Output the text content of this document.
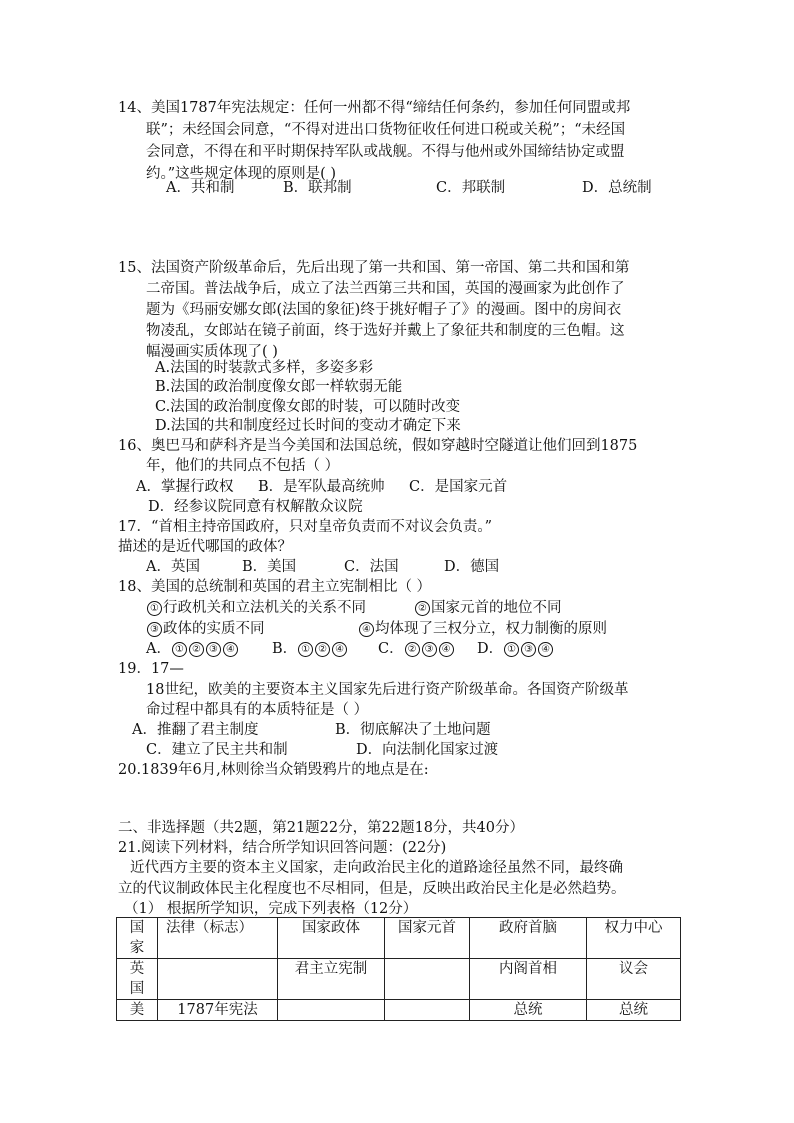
14、美国1787年宪法规定：任何一州都不得“缔结任何条约，参加任何同盟或邦
联”；未经国会同意，“不得对进出口货物征收任何进口税或关税”；“未经国
会同意，不得在和平时期保持军队或战舰。不得与他州或外国缔结协定或盟
约。”这些规定体现的原则是( )
A．共和制	B．联邦制	C．邦联制	D．总统制
15、法国资产阶级革命后，先后出现了第一共和国、第一帝国、第二共和国和第
二帝国。普法战争后，成立了法兰西第三共和国，英国的漫画家为此创作了
题为《玛丽安娜女郎(法国的象征)终于挑好帽子了》的漫画。图中的房间衣
物凌乱，女郎站在镜子前面，终于选好并戴上了象征共和制度的三色帽。这
幅漫画实质体现了( )
A.法国的时装款式多样，多姿多彩
B.法国的政治制度像女郎一样软弱无能
C.法国的政治制度像女郎的时装，可以随时改变
D.法国的共和制度经过长时间的变动才确定下来
16、奥巴马和萨科齐是当今美国和法国总统，假如穿越时空隧道让他们回到1875
年，他们的共同点不包括（ ）
A．掌握行政权 B．是军队最高统帅 C．是国家元首
D．经参议院同意有权解散众议院
17．“首相主持帝国政府，只对皇帝负责而不对议会负责。”
描述的是近代哪国的政体？
A．英国	B．美国	C．法国	D．德国
18、美国的总统制和英国的君主立宪制相比（ ）
① 行政机关和立法机关的关系不同	② 国家元首的地位不同
③ 政体的实质不同	④ 均体现了三权分立，权力制衡的原则
A． ① ② ③ ④	B． ① ② ④ C． ② ③ ④ D． ① ③ ④
19．17—
18世纪，欧美的主要资本主义国家先后进行资产阶级革命。各国资产阶级革
命过程中都具有的本质特征是（ ）
A．推翻了君主制度	B．彻底解决了土地问题
C．建立了民主共和制	D．向法制化国家过渡
20.1839年6月,林则徐当众销毁鸦片的地点是在:
二、非选择题（共2题，第21题22分，第22题18分，共40分）
21.阅读下列材料，结合所学知识回答问题：(22分)
近代西方主要的资本主义国家，走向政治民主化的道路途径虽然不同，最终确
立的代议制政体民主化程度也不尽相同，但是，反映出政治民主化是必然趋势。
（1） 根据所学知识，完成下列表格（12分）
国家	法律（标志）	国家政体	国家元首	政府首脑	权力中心
英国		君主立宪制		内阁首相	议会
美	1787年宪法			总统	总统
